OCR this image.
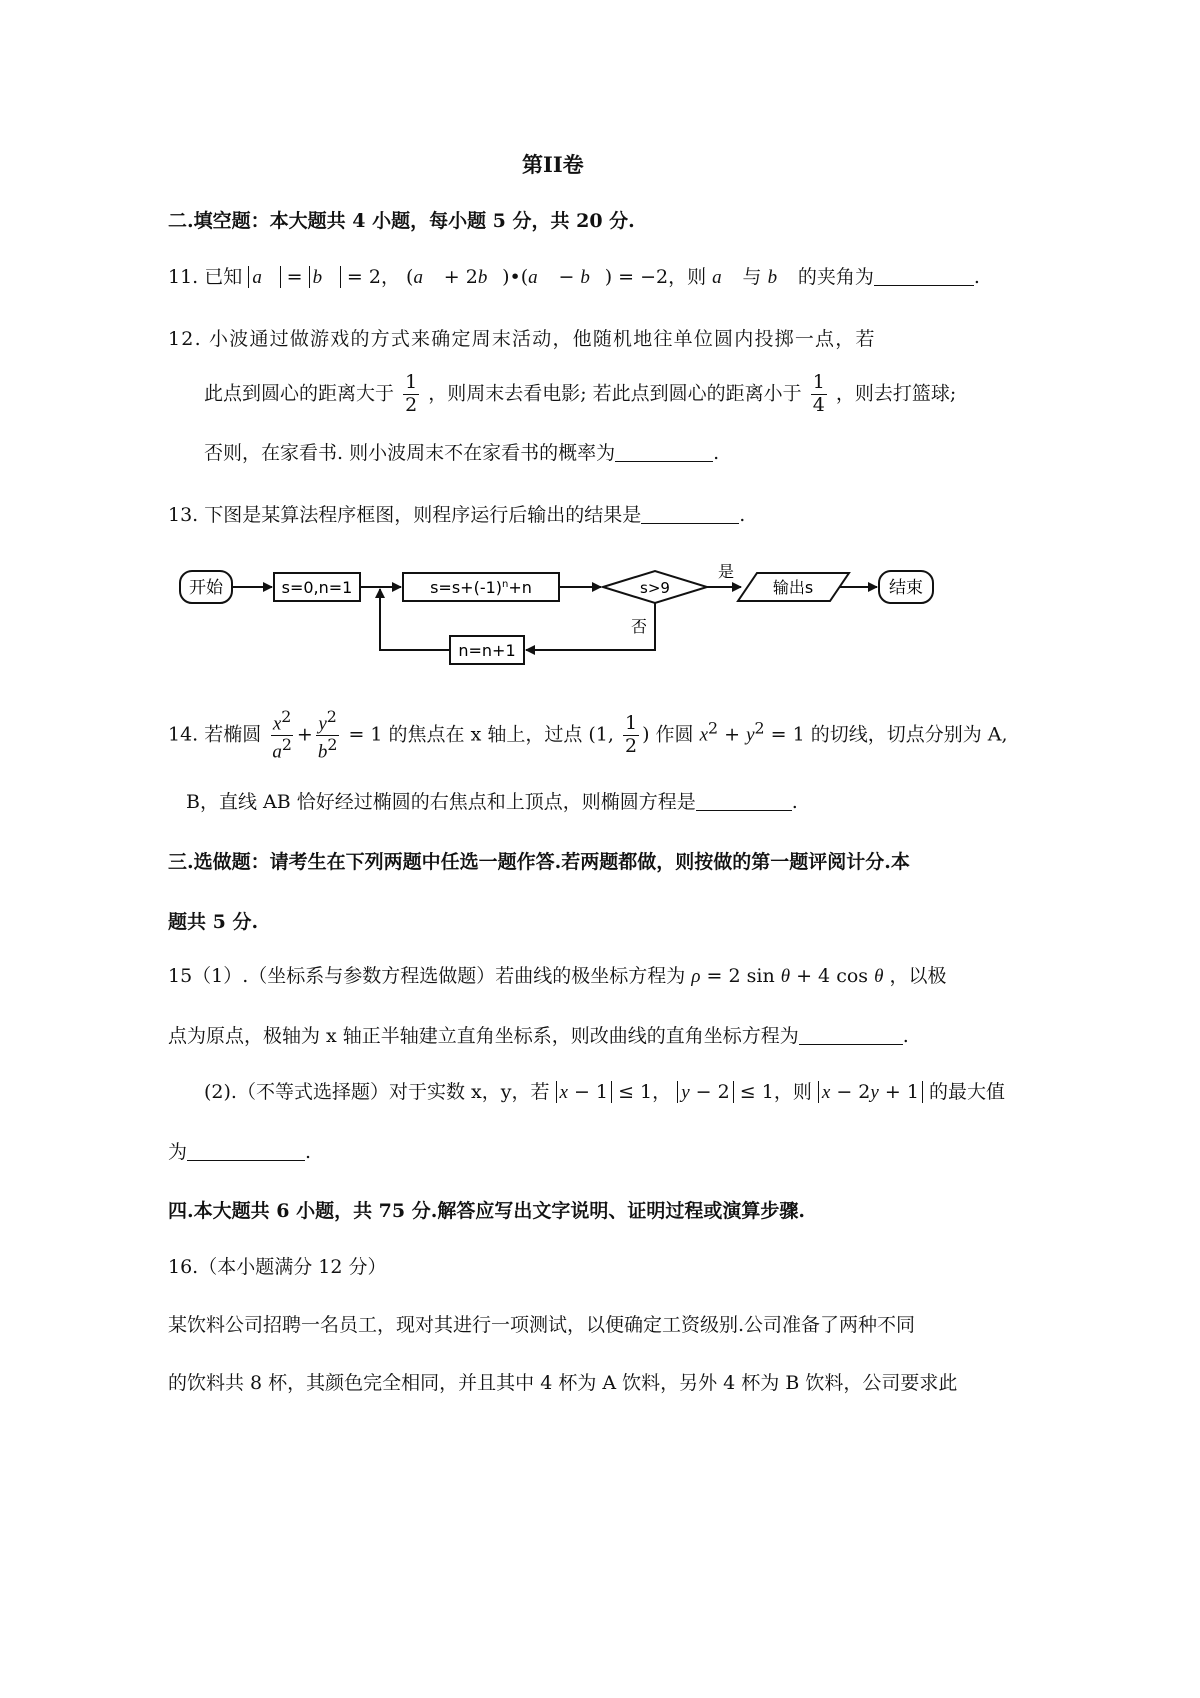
第II卷
二.填空题：本大题共 4 小题，每小题 5 分，共 20 分.
11. 已知 a⃗ = b⃗ = 2， (a⃗ + 2b⃗)•(a⃗ − b⃗) = −2，则 a⃗ 与 b⃗ 的夹角为	.
12. 小波通过做游戏的方式来确定周末活动，他随机地往单位圆内投掷一点，若
此点到圆心的距离大于 $\frac{1}{2}$ ，则周末去看电影; 若此点到圆心的距离小于 $\frac{1}{4}$ ，则去打篮球;
否则，在家看书. 则小波周末不在家看书的概率为	.
13. 下图是某算法程序框图，则程序运行后输出的结果是	.
开始	s=0,n=1	$s=s+(-1)^n+n$	s>9
是
否
输出s	结束
n=n+1
14. 若椭圆 $\frac{x^2}{a^2} + \frac{y^2}{b^2} = 1$ 的焦点在 x 轴上，过点 (1, $\frac{1}{2}$ ) 作圆 $x^2 + y^2 = 1$ 的切线，切点分别为 A,
B，直线 AB 恰好经过椭圆的右焦点和上顶点，则椭圆方程是	.
三.选做题：请考生在下列两题中任选一题作答.若两题都做，则按做的第一题评阅计分.本
题共 5 分.
15（1）.（坐标系与参数方程选做题）若曲线的极坐标方程为 ρ = 2 sin θ + 4 cos θ ，以极
点为原点，极轴为 x 轴正半轴建立直角坐标系，则改曲线的直角坐标方程为	.
(2).（不等式选择题）对于实数 x，y，若 x − 1 ≤ 1， y − 2 ≤ 1，则 x − 2y + 1 的最大值
为	.
四.本大题共 6 小题，共 75 分.解答应写出文字说明、证明过程或演算步骤.
16.（本小题满分 12 分）
某饮料公司招聘一名员工，现对其进行一项测试，以便确定工资级别.公司准备了两种不同
的饮料共 8 杯，其颜色完全相同，并且其中 4 杯为 A 饮料，另外 4 杯为 B 饮料，公司要求此
